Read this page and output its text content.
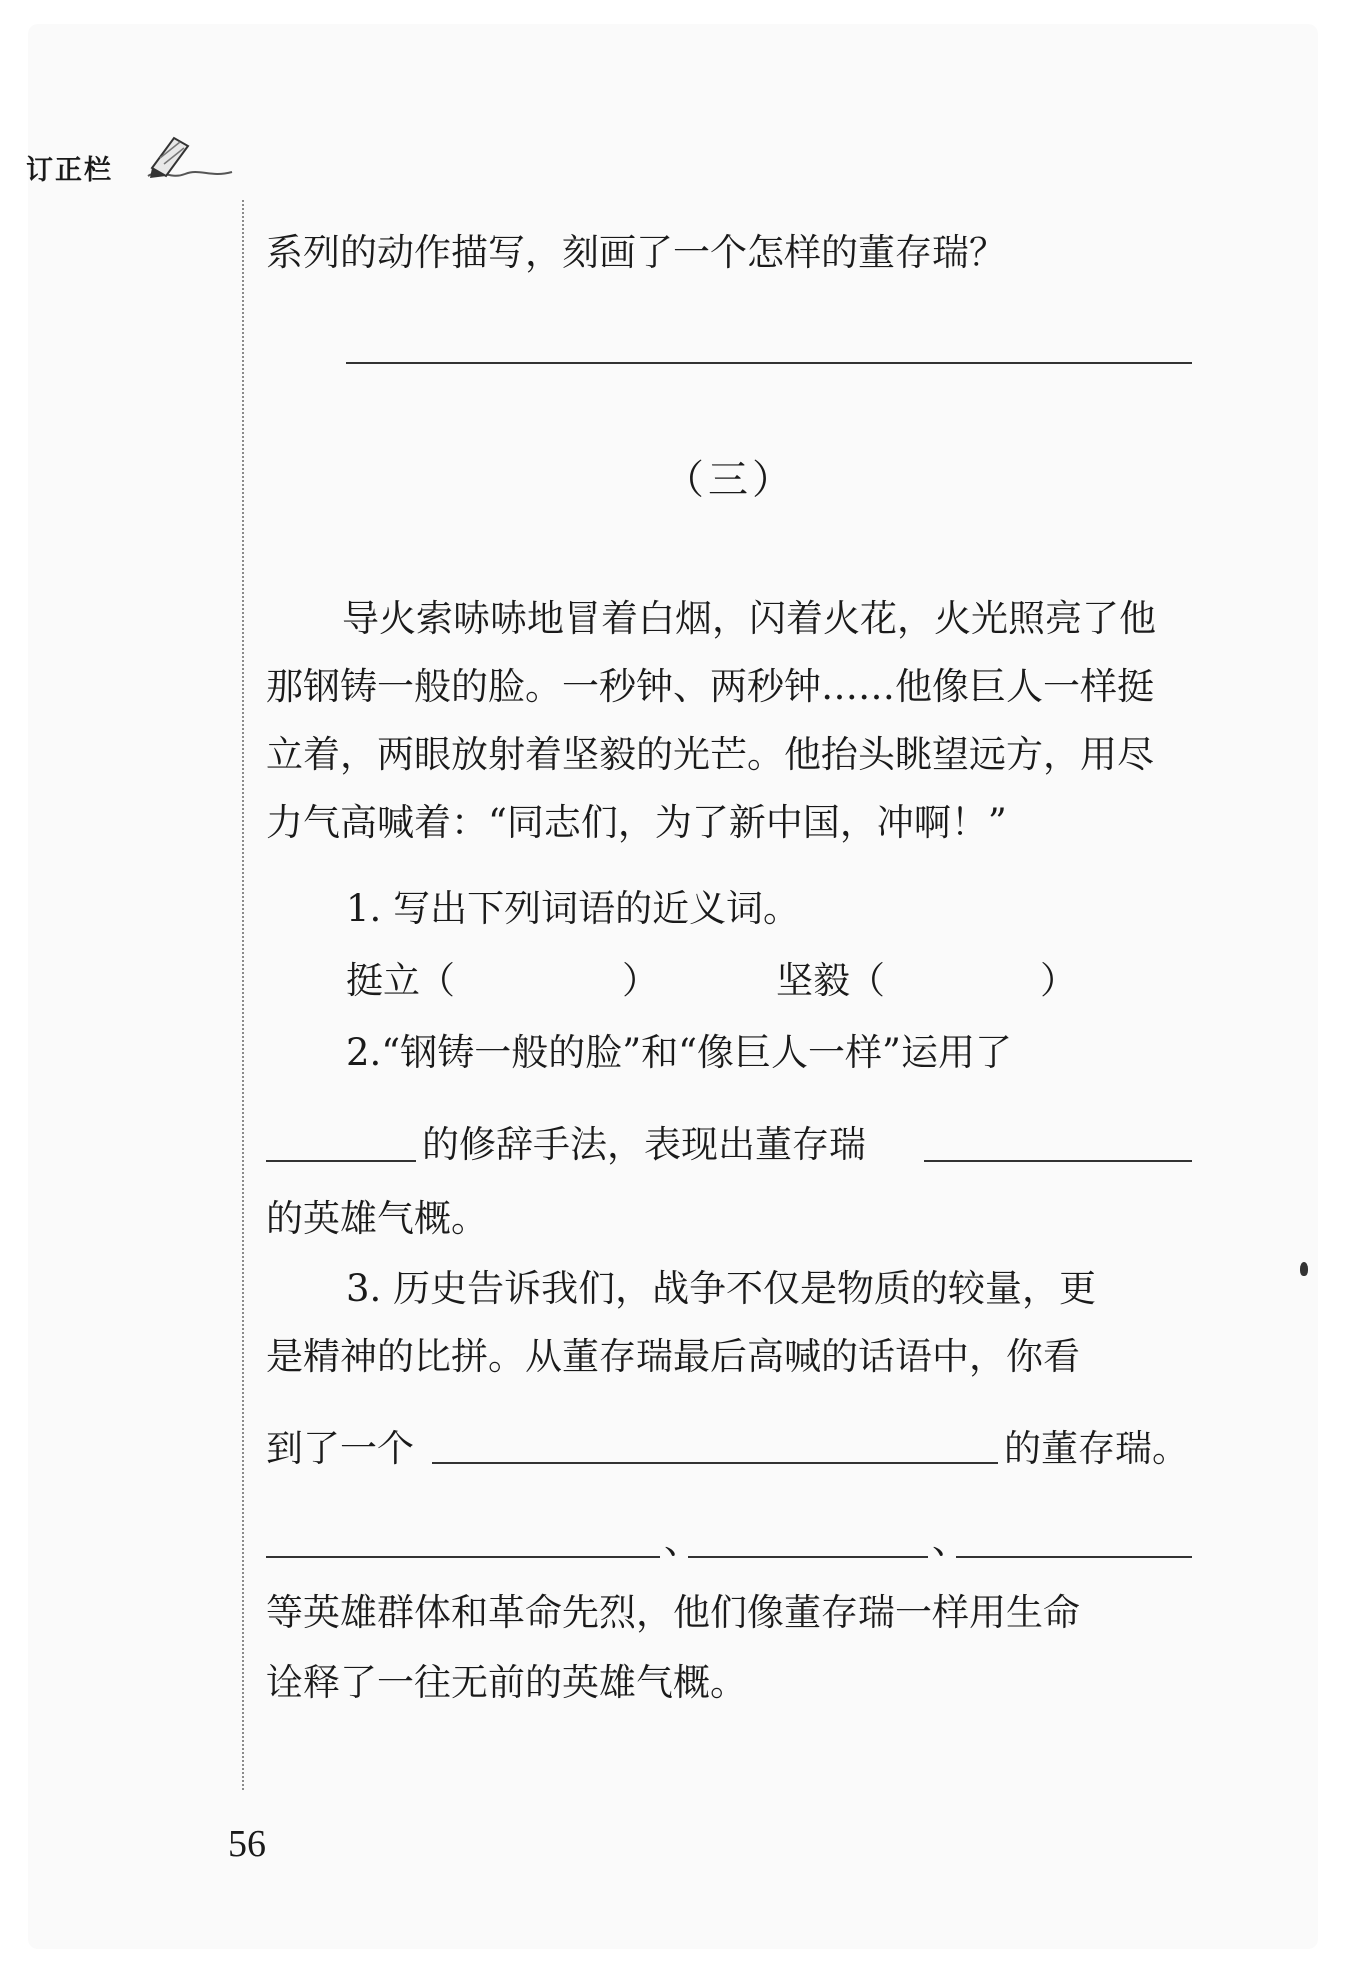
订正栏
系列的动作描写，刻画了一个怎样的董存瑞？
（三）
导火索哧哧地冒着白烟，闪着火花，火光照亮了他
那钢铸一般的脸。一秒钟、两秒钟……他像巨人一样挺
立着，两眼放射着坚毅的光芒。他抬头眺望远方，用尽
力气高喊着：“同志们，为了新中国，冲啊！”
1. 写出下列词语的近义词。
挺立
（	）	坚毅
（	）
2.“钢铸一般的脸”和“像巨人一样”运用了
的修辞手法，表现出董存瑞
的英雄气概。
3. 历史告诉我们，战争不仅是物质的较量，更
是精神的比拼。从董存瑞最后高喊的话语中，你看
到了一个	的董存瑞。
、	、
等英雄群体和革命先烈，他们像董存瑞一样用生命
诠释了一往无前的英雄气概。
56
